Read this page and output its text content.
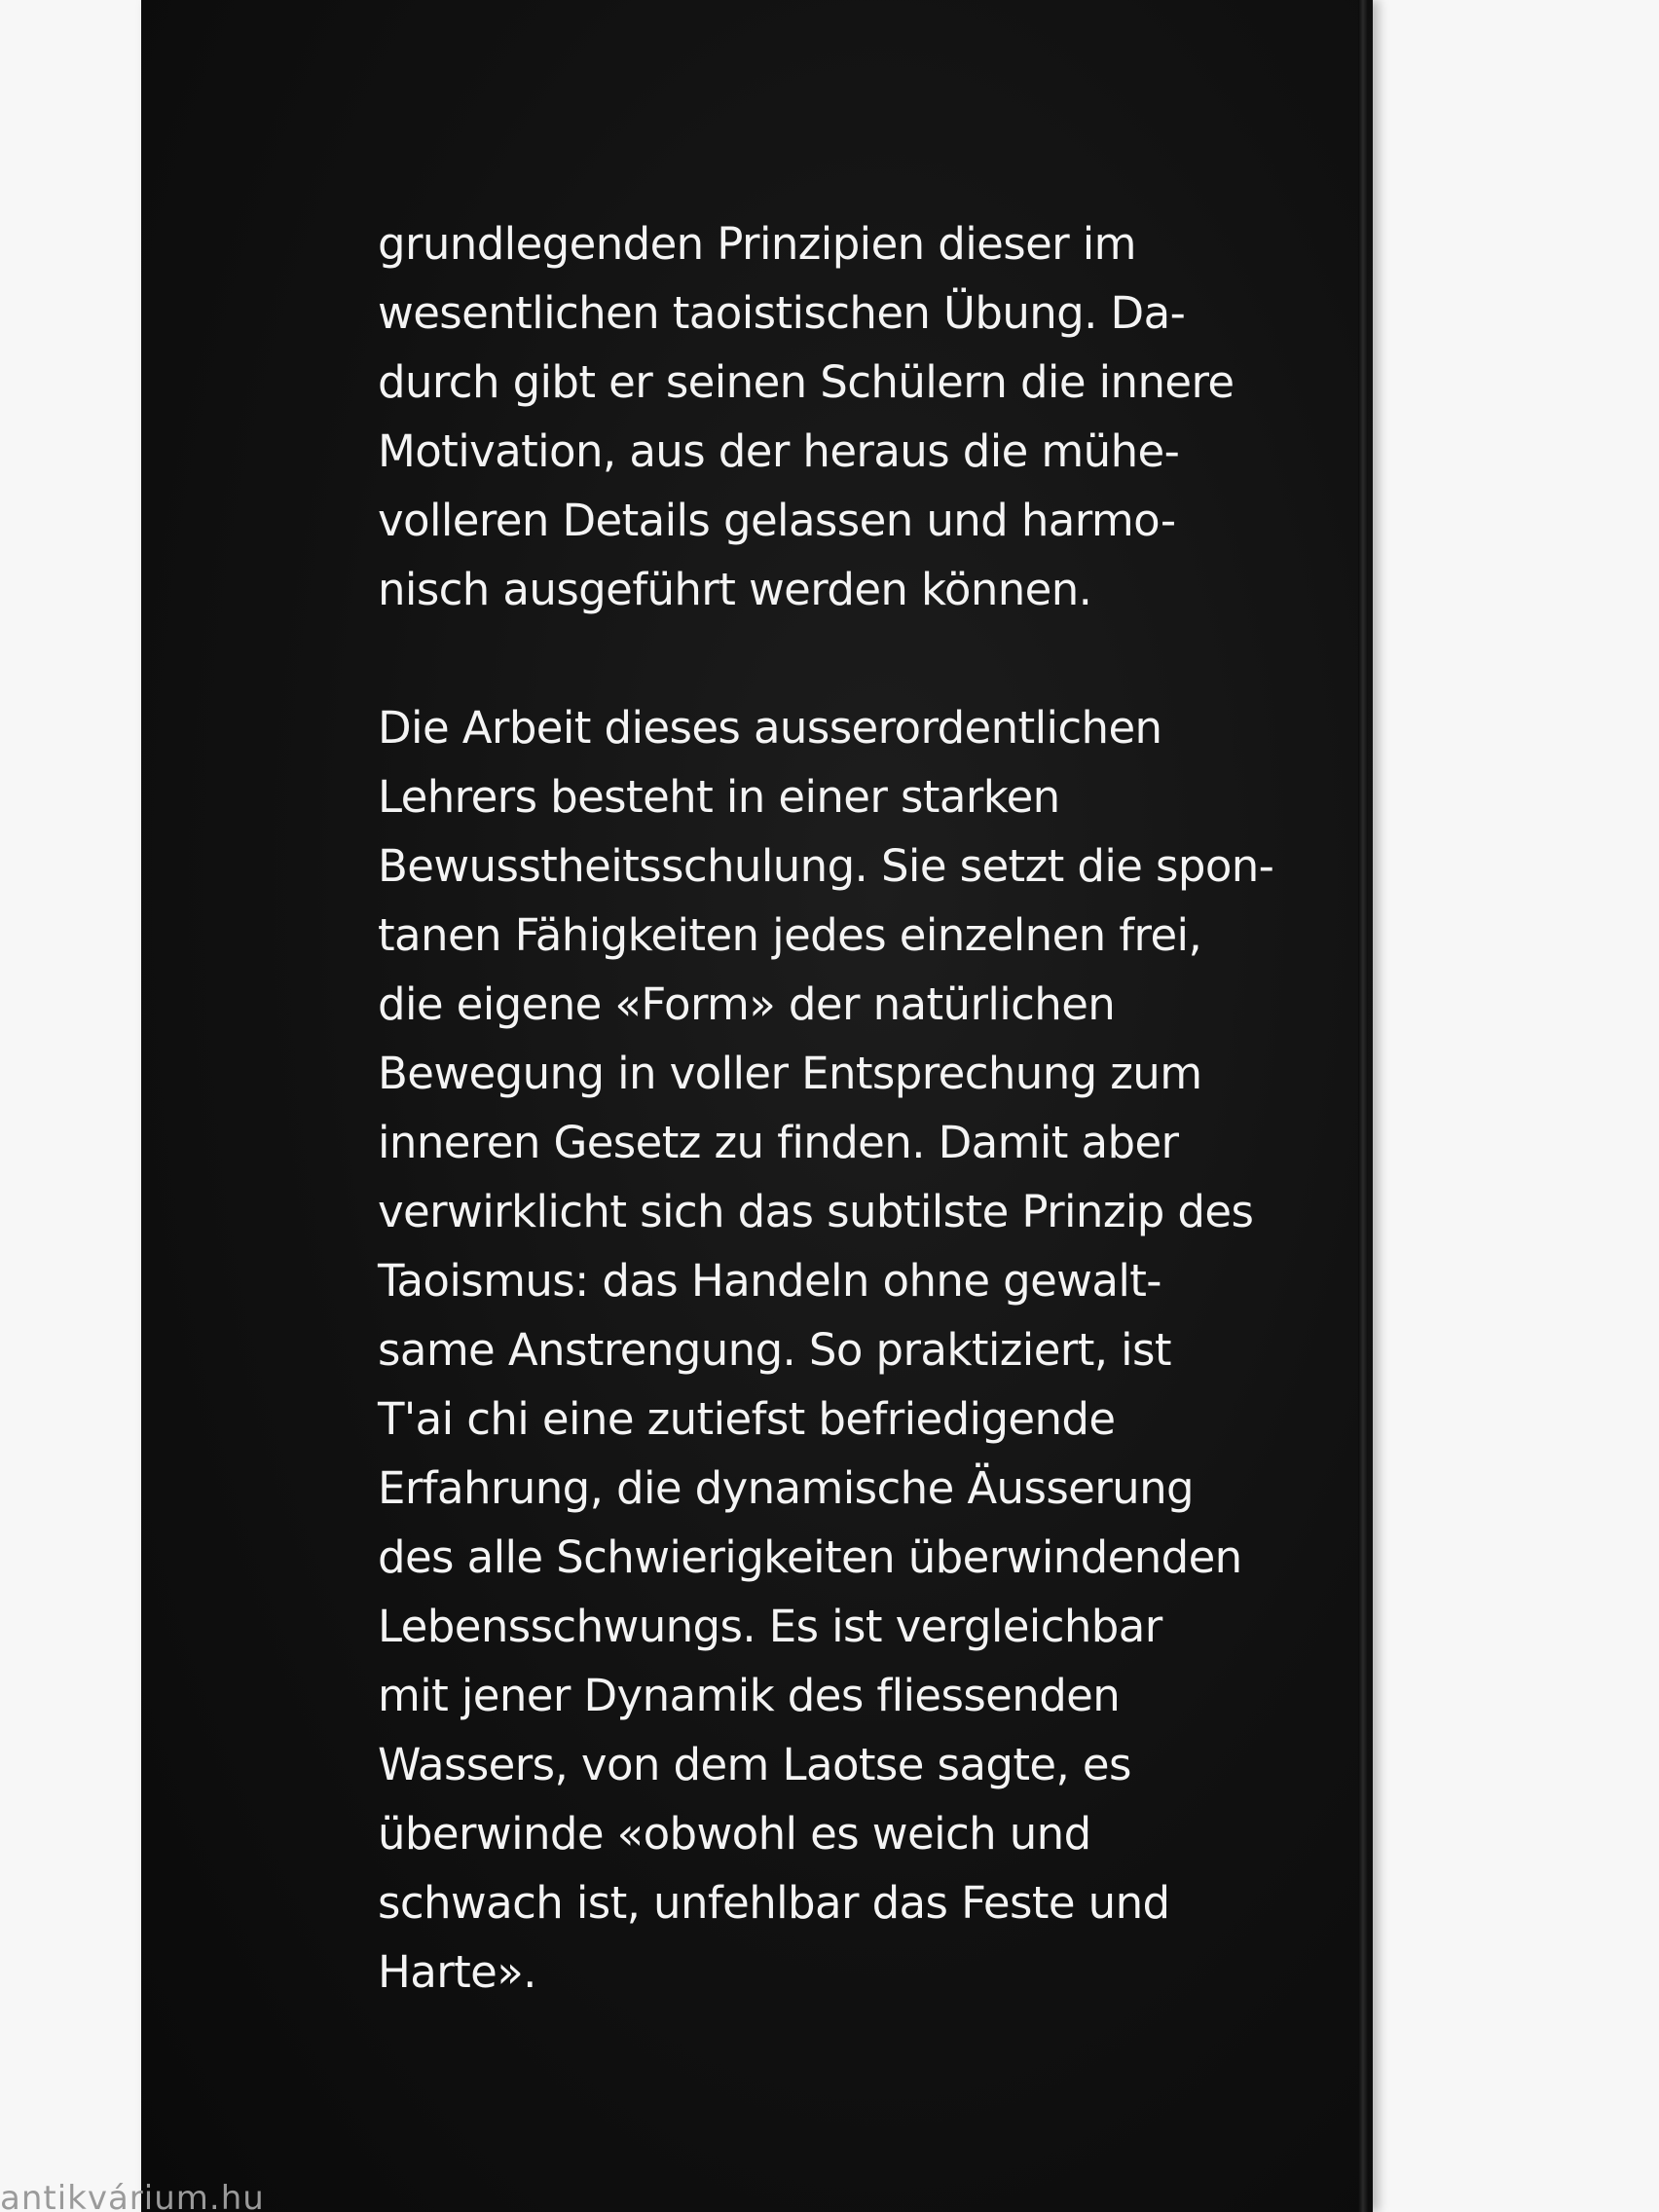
grundlegenden Prinzipien dieser im
wesentlichen taoistischen Übung. Da-
durch gibt er seinen Schülern die innere
Motivation, aus der heraus die mühe-
volleren Details gelassen und harmo-
nisch ausgeführt werden können.
Die Arbeit dieses ausserordentlichen
Lehrers besteht in einer starken
Bewusstheitsschulung. Sie setzt die spon-
tanen Fähigkeiten jedes einzelnen frei,
die eigene «Form» der natürlichen
Bewegung in voller Entsprechung zum
inneren Gesetz zu finden. Damit aber
verwirklicht sich das subtilste Prinzip des
Taoismus: das Handeln ohne gewalt-
same Anstrengung. So praktiziert, ist
T'ai chi eine zutiefst befriedigende
Erfahrung, die dynamische Äusserung
des alle Schwierigkeiten überwindenden
Lebensschwungs. Es ist vergleichbar
mit jener Dynamik des fliessenden
Wassers, von dem Laotse sagte, es
überwinde «obwohl es weich und
schwach ist, unfehlbar das Feste und
Harte».
antikvárium.hu
